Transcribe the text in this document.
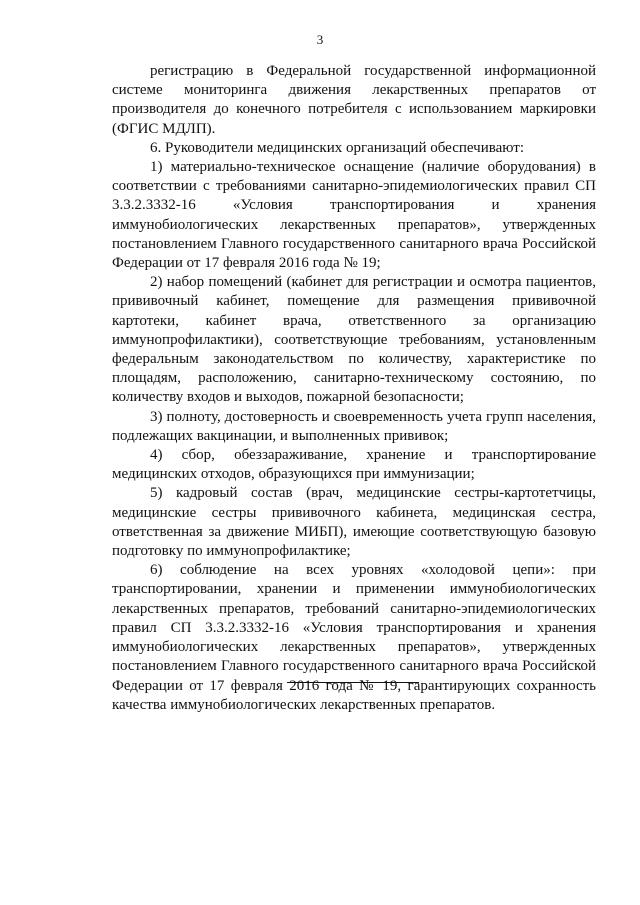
3

регистрацию в Федеральной государственной информационной системе мониторинга движения лекарственных препаратов от производителя до конечного потребителя с использованием маркировки (ФГИС МДЛП).

6. Руководители медицинских организаций обеспечивают:

1) материально-техническое оснащение (наличие оборудования) в соответствии с требованиями санитарно-эпидемиологических правил СП 3.3.2.3332-16 «Условия транспортирования и хранения иммунобиологических лекарственных препаратов», утвержденных постановлением Главного государственного санитарного врача Российской Федерации от 17 февраля 2016 года № 19;

2) набор помещений (кабинет для регистрации и осмотра пациентов, прививочный кабинет, помещение для размещения прививочной картотеки, кабинет врача, ответственного за организацию иммунопрофилактики), соответствующие требованиям, установленным федеральным законодательством по количеству, характеристике по площадям, расположению, санитарно-техническому состоянию, по количеству входов и выходов, пожарной безопасности;

3) полноту, достоверность и своевременность учета групп населения, подлежащих вакцинации, и выполненных прививок;

4) сбор, обеззараживание, хранение и транспортирование медицинских отходов, образующихся при иммунизации;

5) кадровый состав (врач, медицинские сестры-картотетчицы, медицинские сестры прививочного кабинета, медицинская сестра, ответственная за движение МИБП), имеющие соответствующую базовую подготовку по иммунопрофилактике;

6) соблюдение на всех уровнях «холодовой цепи»: при транспортировании, хранении и применении иммунобиологических лекарственных препаратов, требований санитарно-эпидемиологических правил СП 3.3.2.3332-16 «Условия транспортирования и хранения иммунобиологических лекарственных препаратов», утвержденных постановлением Главного государственного санитарного врача Российской Федерации от 17 февраля 2016 года № 19, гарантирующих сохранность качества иммунобиологических лекарственных препаратов.
